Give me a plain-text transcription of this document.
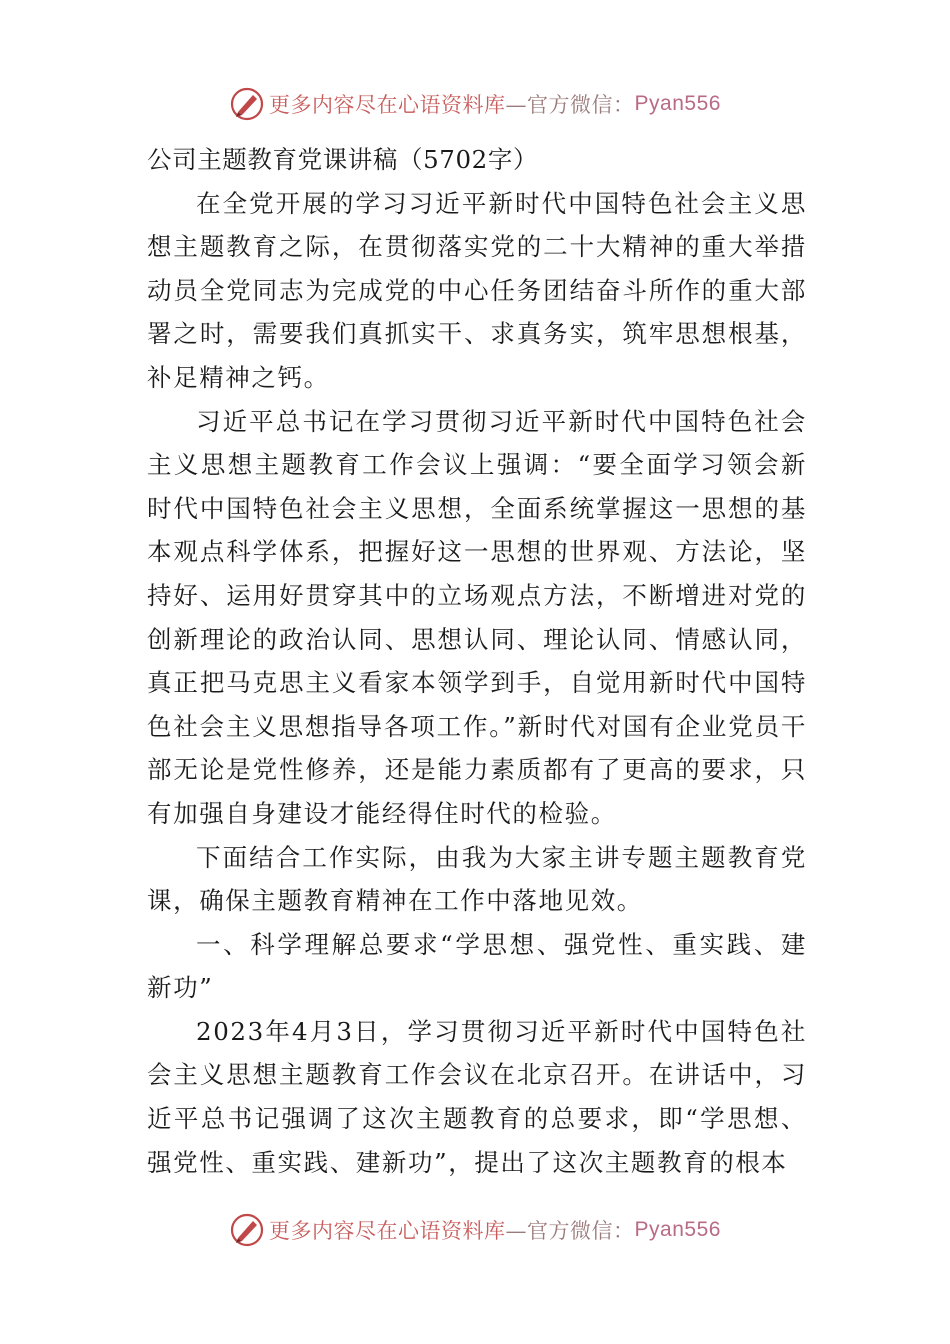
更多内容尽在心语资料库 —官方微信： Pyan556

公司主题教育党课讲稿（5702字）

在全党开展的学习习近平新时代中国特色社会主义思想主题教育之际，在贯彻落实党的二十大精神的重大举措动员全党同志为完成党的中心任务团结奋斗所作的重大部署之时，需要我们真抓实干、求真务实，筑牢思想根基，补足精神之钙。

习近平总书记在学习贯彻习近平新时代中国特色社会主义思想主题教育工作会议上强调：“要全面学习领会新时代中国特色社会主义思想，全面系统掌握这一思想的基本观点科学体系，把握好这一思想的世界观、方法论，坚持好、运用好贯穿其中的立场观点方法，不断增进对党的创新理论的政治认同、思想认同、理论认同、情感认同，真正把马克思主义看家本领学到手，自觉用新时代中国特色社会主义思想指导各项工作。”新时代对国有企业党员干部无论是党性修养，还是能力素质都有了更高的要求，只有加强自身建设才能经得住时代的检验。

下面结合工作实际，由我为大家主讲专题主题教育党课，确保主题教育精神在工作中落地见效。

一、科学理解总要求“学思想、强党性、重实践、建新功”

2023年4月3日，学习贯彻习近平新时代中国特色社会主义思想主题教育工作会议在北京召开。在讲话中，习近平总书记强调了这次主题教育的总要求，即“学思想、强党性、重实践、建新功”，提出了这次主题教育的根本

更多内容尽在心语资料库 —官方微信： Pyan556
